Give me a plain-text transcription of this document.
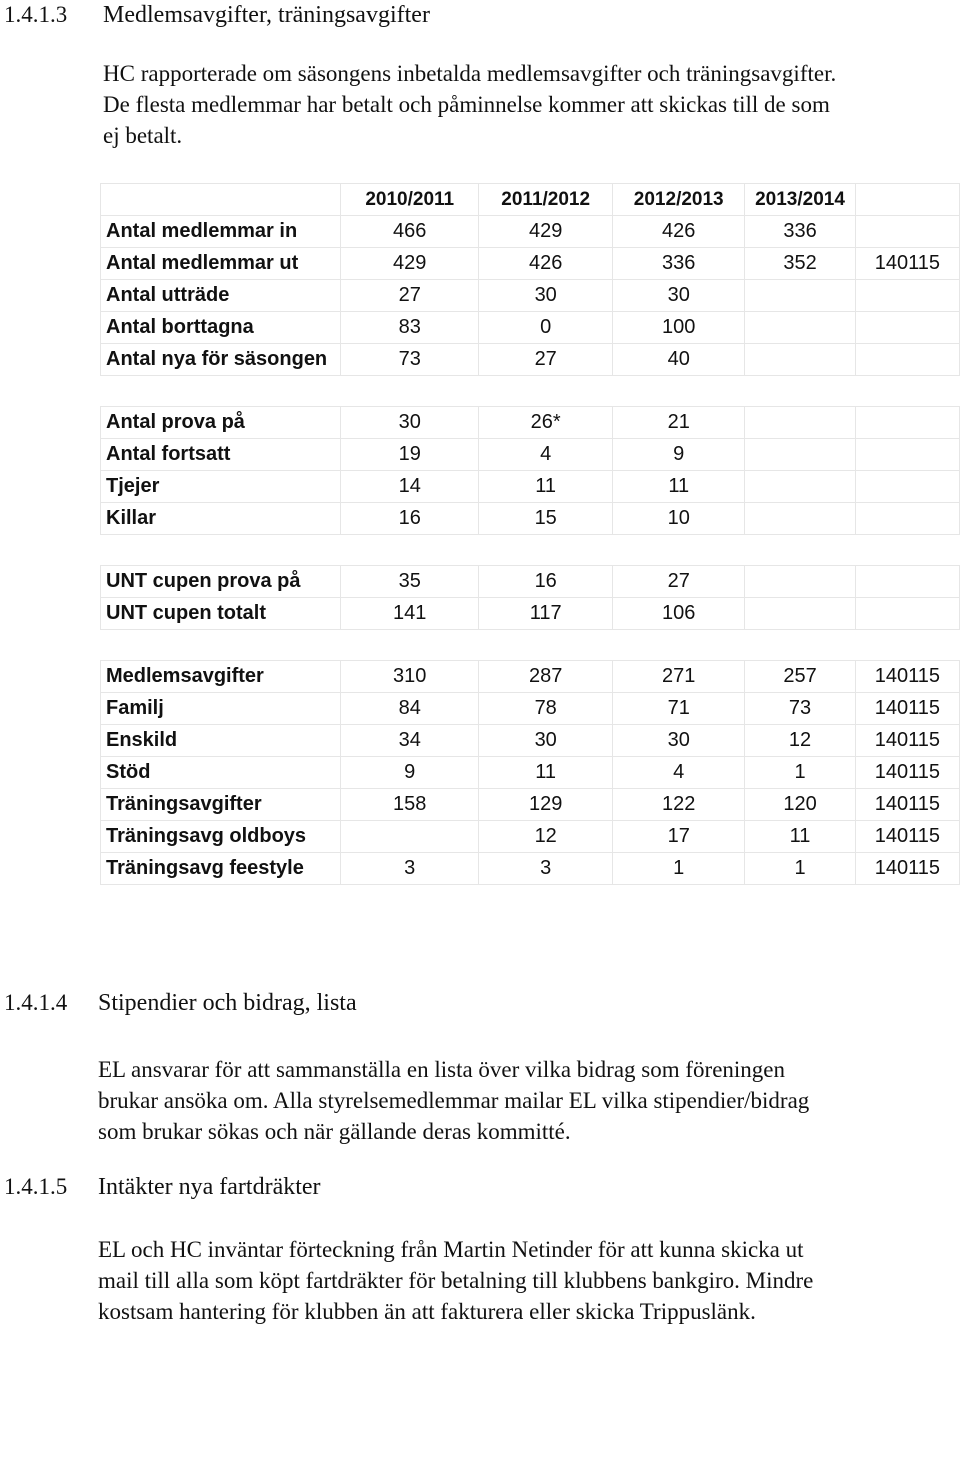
1.4.1.3 Medlemsavgifter, träningsavgifter
HC rapporterade om säsongens inbetalda medlemsavgifter och träningsavgifter.
De flesta medlemmar har betalt och påminnelse kommer att skickas till de som
ej betalt.
	2010/2011	2011/2012	2012/2013	2013/2014	
Antal medlemmar in	466	429	426	336	
Antal medlemmar ut	429	426	336	352	140115
Antal utträde	27	30	30		
Antal borttagna	83	0	100		
Antal nya för säsongen	73	27	40		

Antal prova på	30	26*	21		
Antal fortsatt	19	4	9		
Tjejer	14	11	11		
Killar	16	15	10		

UNT cupen prova på	35	16	27		
UNT cupen totalt	141	117	106		

Medlemsavgifter	310	287	271	257	140115
Familj	84	78	71	73	140115
Enskild	34	30	30	12	140115
Stöd	9	11	4	1	140115
Träningsavgifter	158	129	122	120	140115
Träningsavg oldboys		12	17	11	140115
Träningsavg feestyle	3	3	1	1	140115
1.4.1.4 Stipendier och bidrag, lista
EL ansvarar för att sammanställa en lista över vilka bidrag som föreningen
brukar ansöka om. Alla styrelsemedlemmar mailar EL vilka stipendier/bidrag
som brukar sökas och när gällande deras kommitté.
1.4.1.5 Intäkter nya fartdräkter
EL och HC inväntar förteckning från Martin Netinder för att kunna skicka ut
mail till alla som köpt fartdräkter för betalning till klubbens bankgiro. Mindre
kostsam hantering för klubben än att fakturera eller skicka Trippuslänk.
